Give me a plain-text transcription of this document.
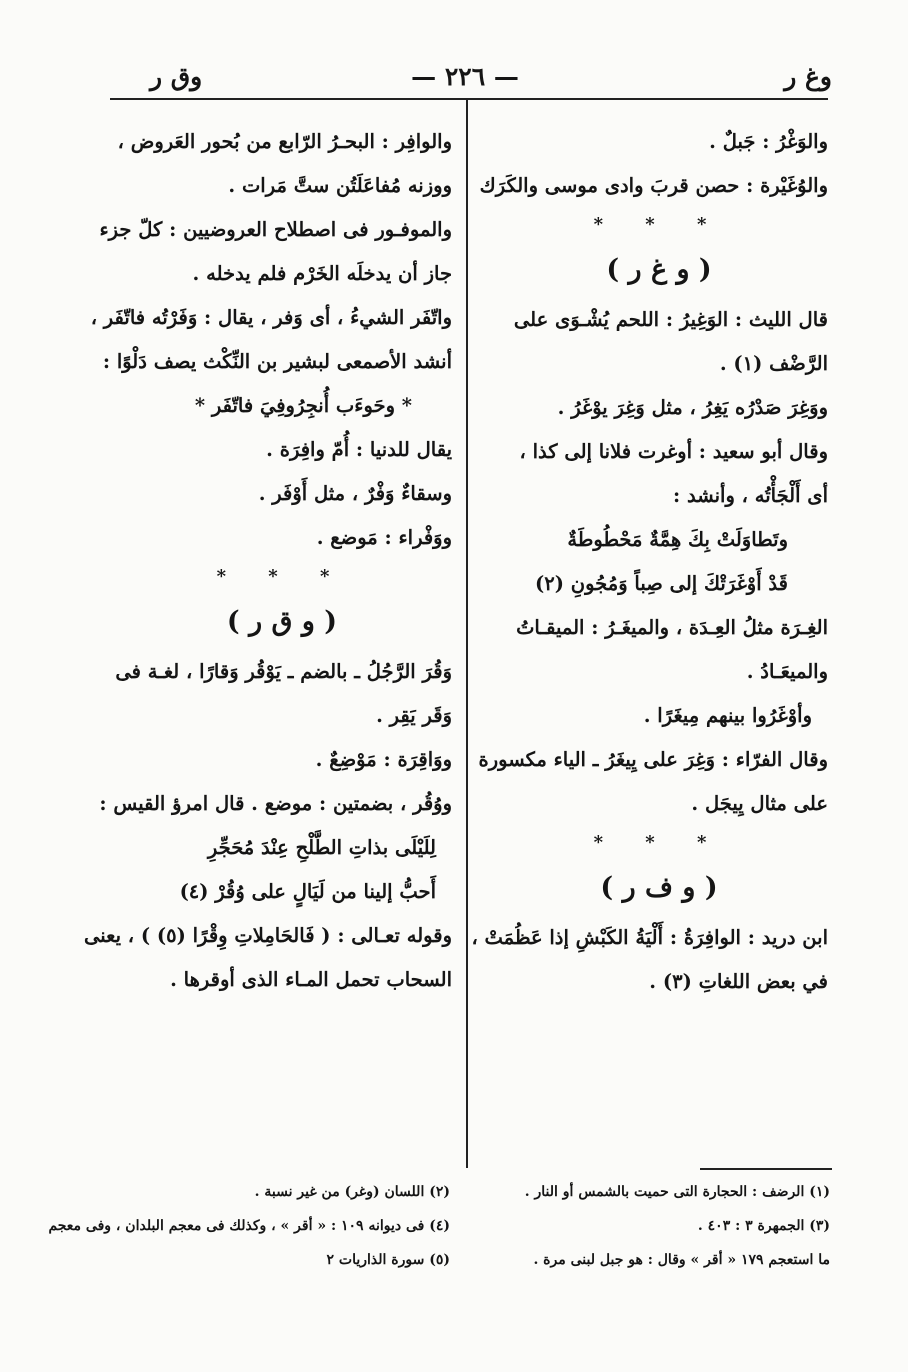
وغ ر
— ٢٢٦ —
وق ر
والوَغْرُ : جَبلٌ .
والوُغَيْرة : حصن قربَ وادى موسى والكَرَك
* * *
( و غ ر )
قال الليث : الوَغِيرُ : اللحم يُشْـوَى على
الرَّضْف (١) .
ووَغِرَ صَدْرُه يَغِرُ ، مثل وَغِرَ يوْغَرُ .
وقال أبو سعيد : أوغرت فلانا إلى كذا ،
أى أَلْجَأْتُه ، وأنشد :
وتَطاوَلَتْ بِكَ هِمَّةٌ مَحْطُوطَةٌ
قَدْ أَوْغَرَتْكَ إلى صِباً وَمُجُونِ (٢)
الغِـرَة مثلُ العِـدَة ، والميغَـرُ : الميقـاتُ
والميعَـادُ .
وأوْغَرُوا بينهم مِيغَرًا .
وقال الفرّاء : وَغِرَ على يِيغَرُ ـ الياء مكسورة
على مثال يِيجَل .
* * *
( و ف ر )
ابن دريد : الوافِرَةُ : أَلْيَةُ الكَبْشِ إذا عَظُمَتْ ،
في بعض اللغاتِ (٣) .
والوافِر : البحـرُ الرّابع من بُحور العَروض ،
ووزنه مُفاعَلَتُن ستَّ مَرات .
والموفـور فى اصطلاح العروضيين : كلّ جزء
جاز أن يدخلَه الخَرْم فلم يدخله .
واتّفَر الشيءُ ، أى وَفر ، يقال : وَفَرْتُه فاتّفَر ،
أنشد الأصمعى لبشير بن النِّكْث يصف دَلْوًا :
* وحَوءَب أُنجِرُوفِيَ فاتّفَر *
يقال للدنيا : أُمّ وافِرَة .
وسقاءٌ وَفْرٌ ، مثل أَوْفَر .
ووَفْراء : مَوضع .
* * *
( و ق ر )
وَقُرَ الرَّجُلُ ـ بالضم ـ يَوْقُر وَقارًا ، لغـة فى
وَقَر يَقِر .
ووَاقِرَة : مَوْضِعٌ .
ووُقُر ، بضمتين : موضع . قال امرؤ القيس :
لِلَيْلَى بذاتِ الطَّلْحِ عِنْدَ مُحَجِّرِ
أَحبُّ إلينا من لَيَالٍ على وُقُرْ (٤)
وقوله تعـالى : ( فَالحَامِلاتِ وِقْرًا (٥) ) ، يعنى
السحاب تحمل المـاء الذى أوقرها .
(١) الرضف : الحجارة التى حميت بالشمس أو النار .
(٢) اللسان (وغر) من غير نسبة .
(٣) الجمهرة ٣ : ٤٠٣ .
(٤) فى ديوانه ١٠٩ : « أقر » ، وكذلك فى معجم البلدان ، وفى معجم
ما استعجم ١٧٩ « أقر » وقال : هو جبل لبنى مرة .
(٥) سورة الذاريات ٢
